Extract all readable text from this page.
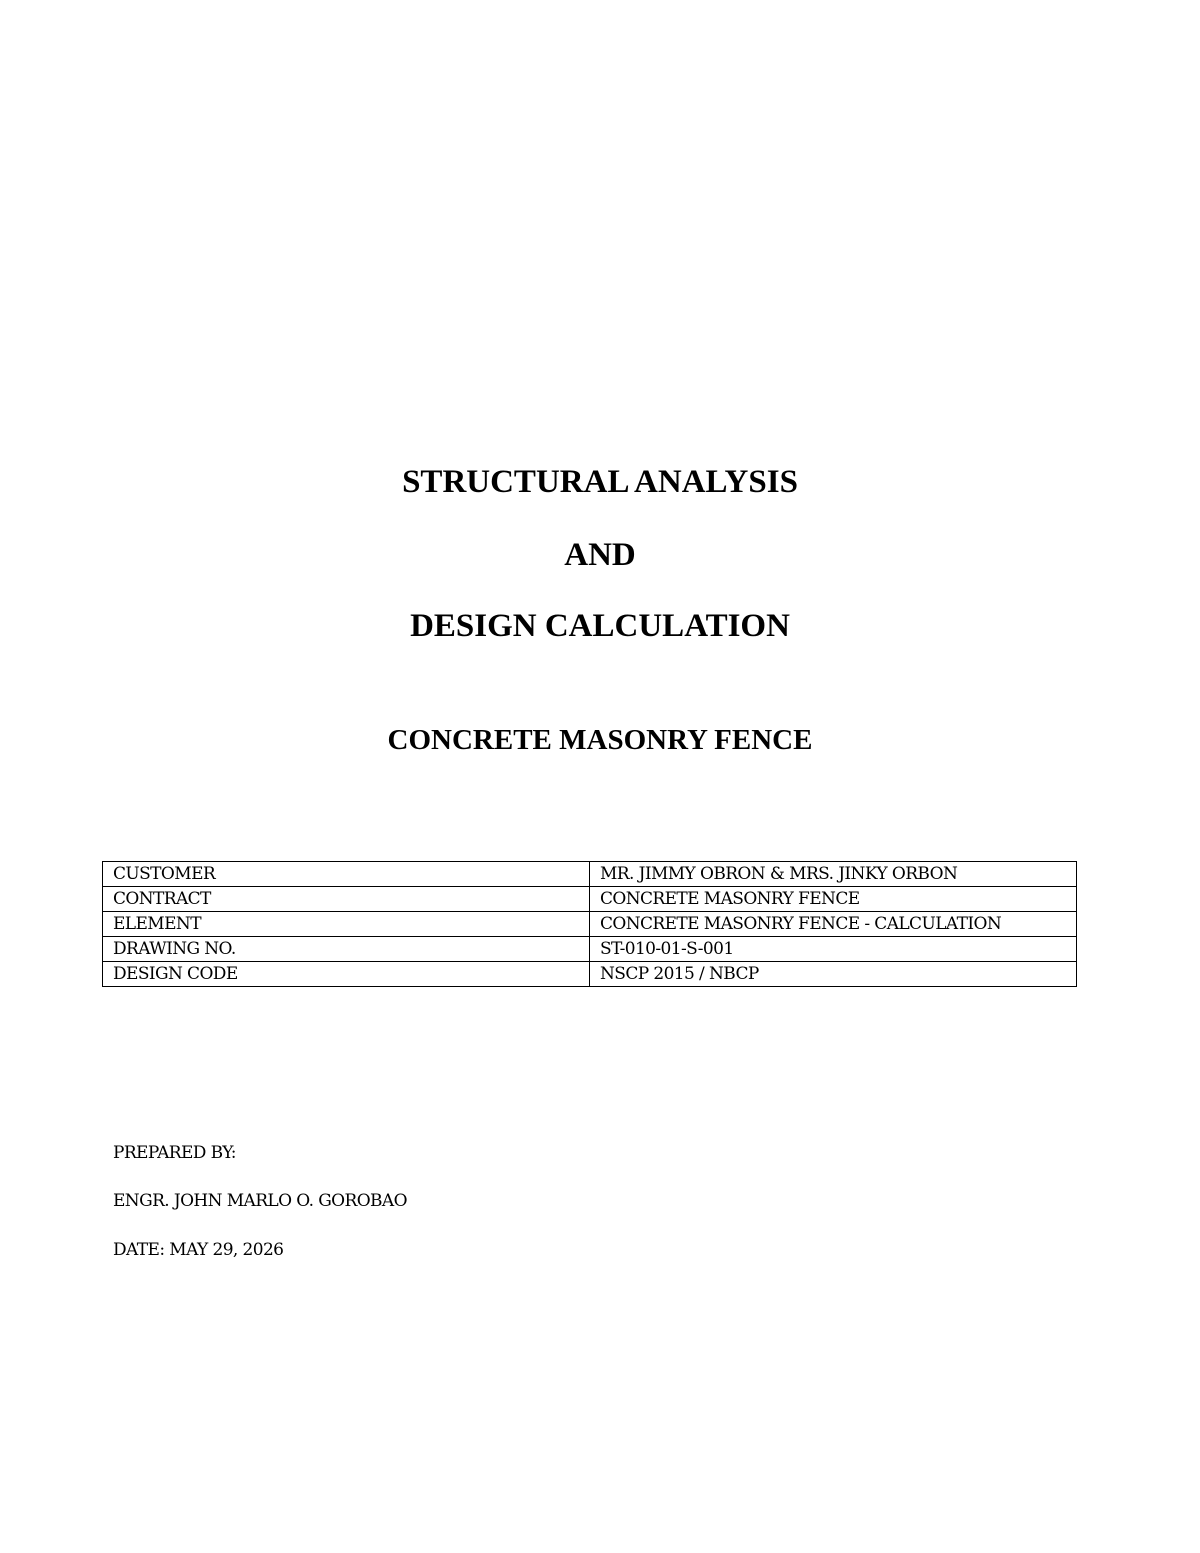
STRUCTURAL ANALYSIS

AND

DESIGN CALCULATION

CONCRETE MASONRY FENCE

CUSTOMER	MR. JIMMY OBRON & MRS. JINKY ORBON
CONTRACT	CONCRETE MASONRY FENCE
ELEMENT	CONCRETE MASONRY FENCE - CALCULATION
DRAWING NO.	ST-010-01-S-001
DESIGN CODE	NSCP 2015 / NBCP

PREPARED BY:

ENGR. JOHN MARLO O. GOROBAO

DATE: MAY 29, 2026
